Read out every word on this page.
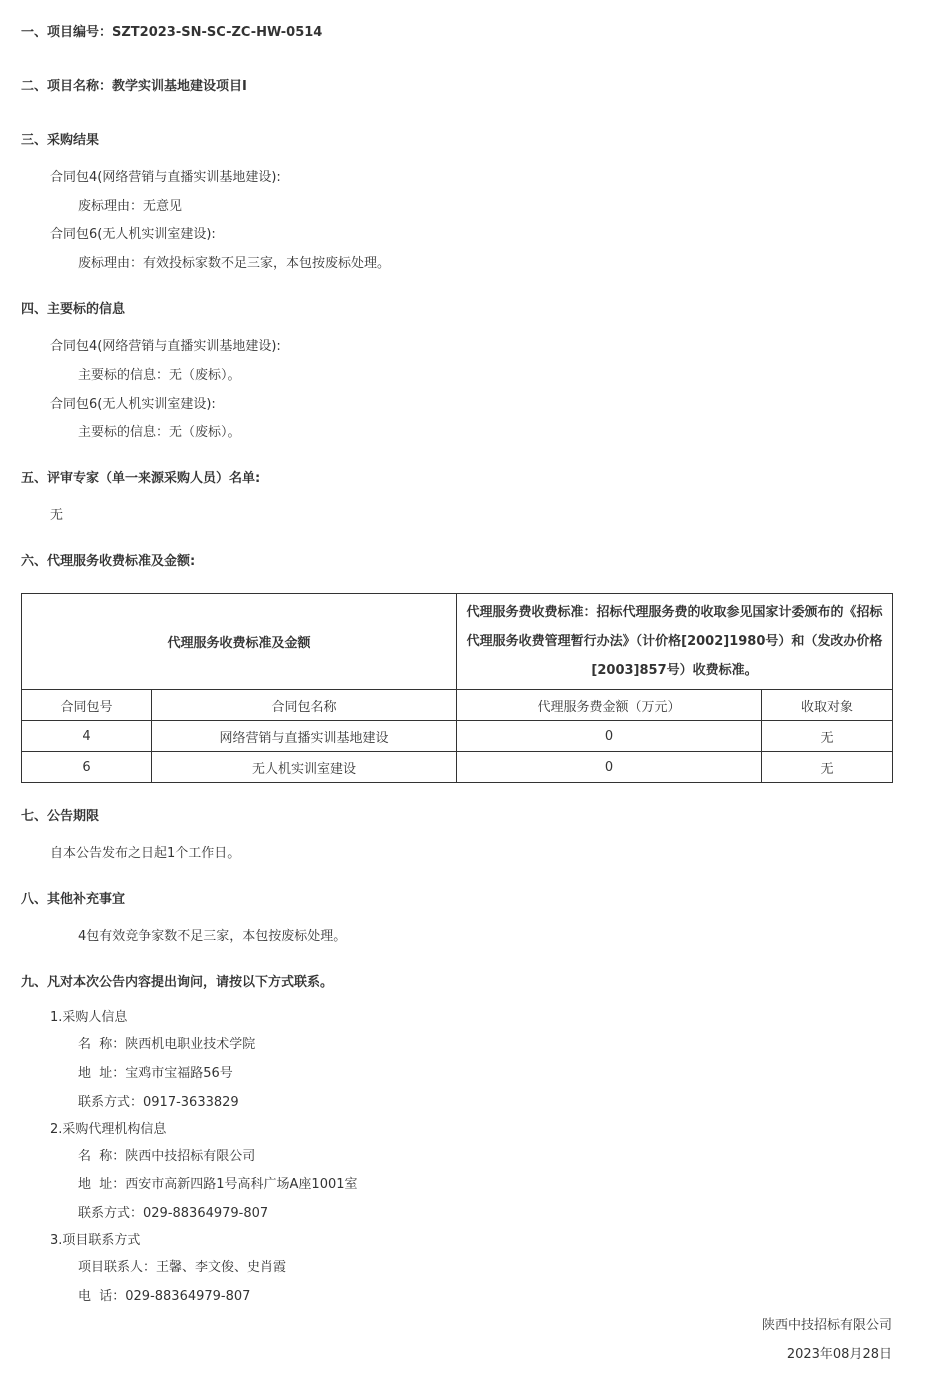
一、项目编号：SZT2023-SN-SC-ZC-HW-0514
二、项目名称：教学实训基地建设项目Ⅰ
三、采购结果
合同包4(网络营销与直播实训基地建设):
废标理由：无意见
合同包6(无人机实训室建设):
废标理由：有效投标家数不足三家，本包按废标处理。
四、主要标的信息
合同包4(网络营销与直播实训基地建设):
主要标的信息：无（废标）。
合同包6(无人机实训室建设):
主要标的信息：无（废标）。
五、评审专家（单一来源采购人员）名单:
无
六、代理服务收费标准及金额:
代理服务收费标准及金额		代理服务费收费标准：招标代理服务费的收取参见国家计委颁布的《招标代理服务收费管理暂行办法》（计价格[2002]1980号）和（发改办价格[2003]857号）收费标准。	
合同包号	合同包名称	代理服务费金额（万元）	收取对象
4	网络营销与直播实训基地建设	0	无
6	无人机实训室建设	0	无
七、公告期限
自本公告发布之日起1个工作日。
八、其他补充事宜
4包有效竞争家数不足三家，本包按废标处理。
九、凡对本次公告内容提出询问，请按以下方式联系。
1.采购人信息
名  称：陕西机电职业技术学院
地  址：宝鸡市宝福路56号
联系方式：0917-3633829
2.采购代理机构信息
名  称：陕西中技招标有限公司
地  址：西安市高新四路1号高科广场A座1001室
联系方式：029-88364979-807
3.项目联系方式
项目联系人：王馨、李文俊、史肖霞
电  话：029-88364979-807
陕西中技招标有限公司
2023年08月28日
